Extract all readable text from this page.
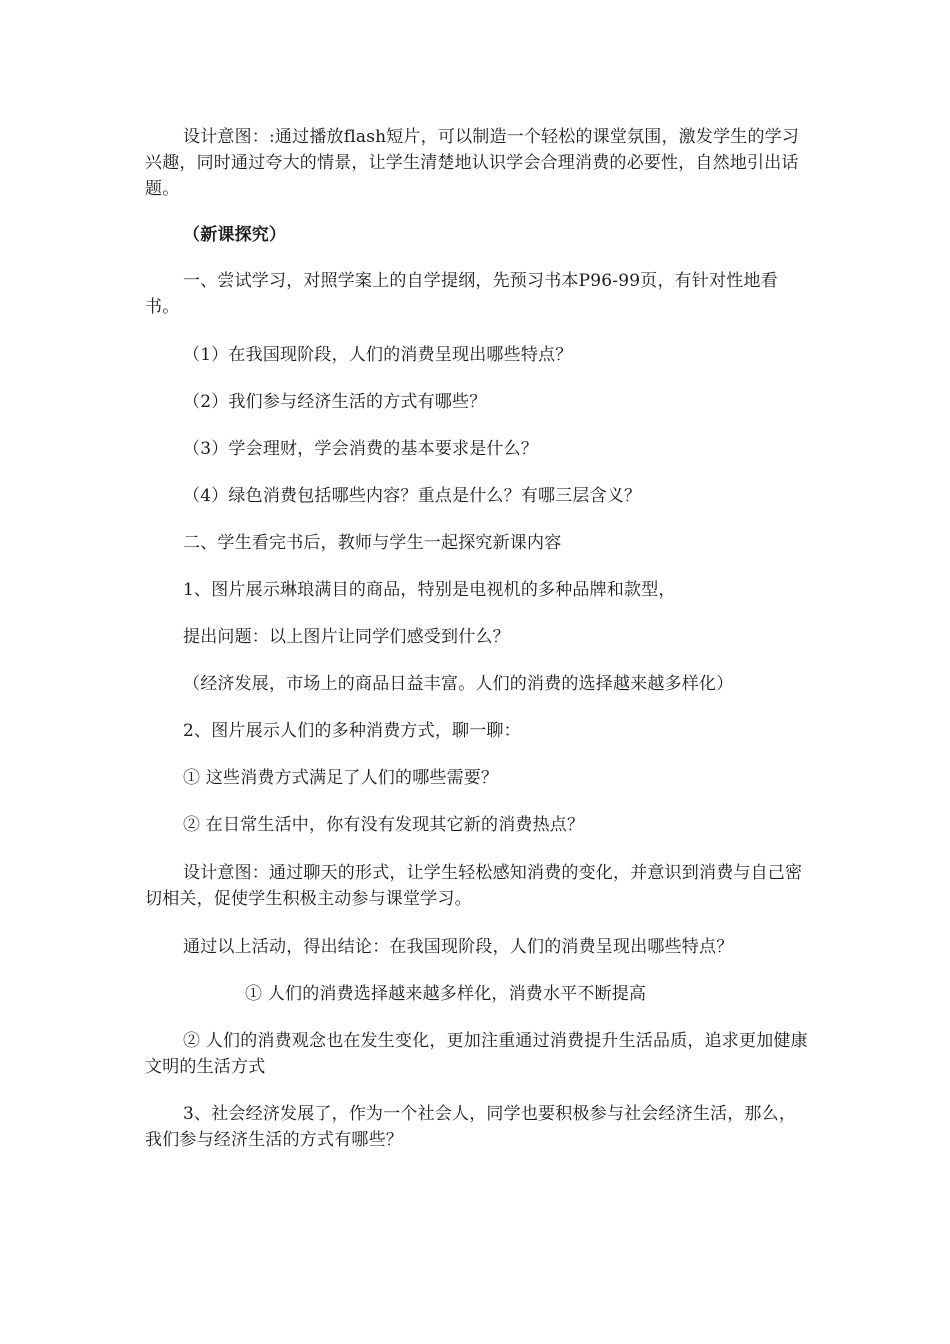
设计意图：:通过播放flash短片，可以制造一个轻松的课堂氛围，激发学生的学习兴趣，同时通过夸大的情景，让学生清楚地认识学会合理消费的必要性，自然地引出话题。

（新课探究）

一、尝试学习，对照学案上的自学提纲，先预习书本P96-99页，有针对性地看书。

（1）在我国现阶段，人们的消费呈现出哪些特点？

（2）我们参与经济生活的方式有哪些？

（3）学会理财，学会消费的基本要求是什么？

（4）绿色消费包括哪些内容？重点是什么？有哪三层含义？

二、学生看完书后，教师与学生一起探究新课内容

1、图片展示琳琅满目的商品，特别是电视机的多种品牌和款型，

提出问题：以上图片让同学们感受到什么？

（经济发展，市场上的商品日益丰富。人们的消费的选择越来越多样化）

2、图片展示人们的多种消费方式，聊一聊：

① 这些消费方式满足了人们的哪些需要？

② 在日常生活中，你有没有发现其它新的消费热点？

设计意图：通过聊天的形式，让学生轻松感知消费的变化，并意识到消费与自己密切相关，促使学生积极主动参与课堂学习。

通过以上活动，得出结论：在我国现阶段，人们的消费呈现出哪些特点？

① 人们的消费选择越来越多样化，消费水平不断提高

② 人们的消费观念也在发生变化，更加注重通过消费提升生活品质，追求更加健康文明的生活方式

3、社会经济发展了，作为一个社会人，同学也要积极参与社会经济生活，那么，我们参与经济生活的方式有哪些？
